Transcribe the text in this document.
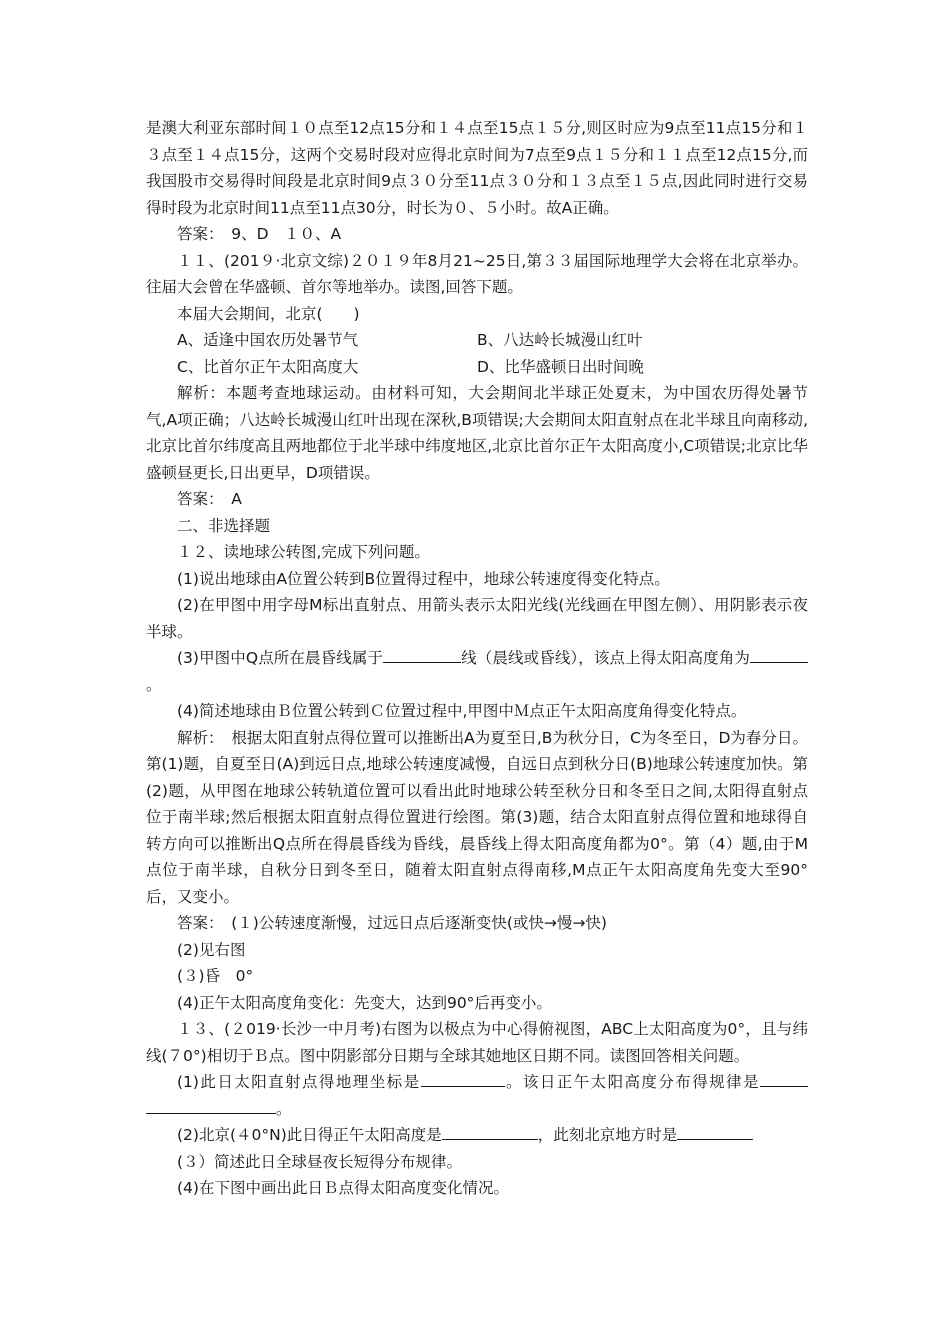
是澳大利亚东部时间１０点至12点15分和１４点至15点１５分,则区时应为9点至11点15分和１３点至１４点15分，这两个交易时段对应得北京时间为7点至9点１５分和１１点至12点15分,而我国股市交易得时间段是北京时间9点３０分至11点３０分和１３点至１５点,因此同时进行交易得时段为北京时间11点至11点30分，时长为０、５小时。故A正确。

答案：　9、D　１０、A

１１、(201９·北京文综)２０１９年8月21~25日,第３３届国际地理学大会将在北京举办。往届大会曾在华盛顿、首尔等地举办。读图,回答下题。

本届大会期间，北京(　　)

A、适逢中国农历处暑节气	B、八达岭长城漫山红叶
C、比首尔正午太阳高度大	D、比华盛顿日出时间晚

解析：本题考查地球运动。由材料可知，大会期间北半球正处夏末，为中国农历得处暑节气,A项正确；八达岭长城漫山红叶出现在深秋,B项错误;大会期间太阳直射点在北半球且向南移动,北京比首尔纬度高且两地都位于北半球中纬度地区,北京比首尔正午太阳高度小,C项错误;北京比华盛顿昼更长,日出更早，D项错误。

答案：　A

二、非选择题

１２、读地球公转图,完成下列问题。

(1)说出地球由A位置公转到B位置得过程中，地球公转速度得变化特点。

(2)在甲图中用字母M标出直射点、用箭头表示太阳光线(光线画在甲图左侧）、用阴影表示夜半球。

(3)甲图中Q点所在晨昏线属于	线（晨线或昏线），该点上得太阳高度角为。

(4)简述地球由Ｂ位置公转到Ｃ位置过程中,甲图中Ｍ点正午太阳高度角得变化特点。

解析：　根据太阳直射点得位置可以推断出A为夏至日,B为秋分日，C为冬至日，D为春分日。第(1)题，自夏至日(A)到远日点,地球公转速度减慢，自远日点到秋分日(B)地球公转速度加快。第(2)题，从甲图在地球公转轨道位置可以看出此时地球公转至秋分日和冬至日之间,太阳得直射点位于南半球;然后根据太阳直射点得位置进行绘图。第(3)题，结合太阳直射点得位置和地球得自转方向可以推断出Q点所在得晨昏线为昏线，晨昏线上得太阳高度角都为0°。第（4）题,由于M点位于南半球，自秋分日到冬至日，随着太阳直射点得南移,M点正午太阳高度角先变大至90°后，又变小。

答案：　(１)公转速度渐慢，过远日点后逐渐变快(或快→慢→快)

(2)见右图

(３)昏　0°

(4)正午太阳高度角变化：先变大，达到90°后再变小。

１３、(２019·长沙一中月考)右图为以极点为中心得俯视图，ABC上太阳高度为0°，且与纬线(７0°)相切于Ｂ点。图中阴影部分日期与全球其她地区日期不同。读图回答相关问题。

(1)此日太阳直射点得地理坐标是	。该日正午太阳高度分布得规律是。

(2)北京(４0°N)此日得正午太阳高度是	，此刻北京地方时是

(３）简述此日全球昼夜长短得分布规律。

(4)在下图中画出此日Ｂ点得太阳高度变化情况。
